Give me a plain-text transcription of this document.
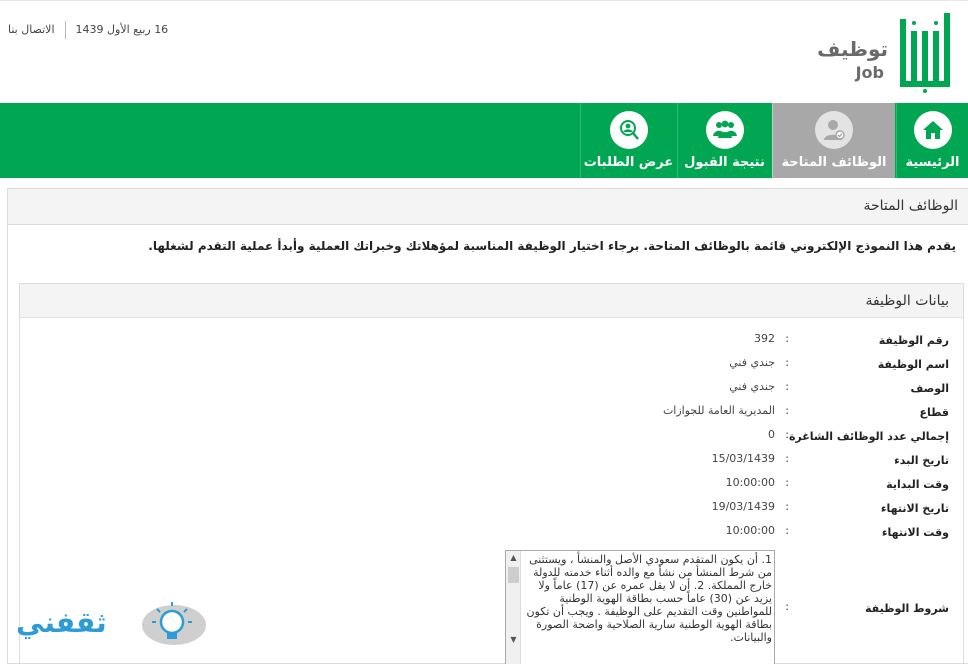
الاتصال بنا	16 ربيع الأول 1439
توظيف
Job
الرئيسية
الوظائف المتاحة
نتيجة القبول
عرض الطلبات
الوظائف المتاحة
يقدم هذا النموذج الإلكتروني قائمة بالوظائف المتاحة. برجاء اختيار الوظيفة المناسبة لمؤهلاتك وخبراتك العملية وأبدأ عملية التقدم لشغلها.
بيانات الوظيفة
رقم الوظيفة
:
392
اسم الوظيفة
:
جندي فني
الوصف
:
جندي فني
قطاع
:
المديرية العامة للجوازات
إجمالي عدد الوظائف الشاغرة
:
0
تاريخ البدء
:
15/03/1439
وقت البداية
:
10:00:00
تاريخ الانتهاء
:
19/03/1439
وقت الانتهاء
:
10:00:00
شروط الوظيفة
:
1. أن يكون المتقدم سعودي الأصل والمنشأ ، ويستثنى من شرط المنشأ من نشأ مع والده أثناء خدمته للدولة خارج المملكة. 2. أن لا يقل عمره عن (17) عاماً ولا يزيد عن (30) عاماً حسب بطاقة الهوية الوطنية للمواطنين وقت التقديم على الوظيفة . ويجب أن تكون بطاقة الهوية الوطنية سارية الصلاحية واضحة الصورة والبيانات.
▲
▼
ثقفني
